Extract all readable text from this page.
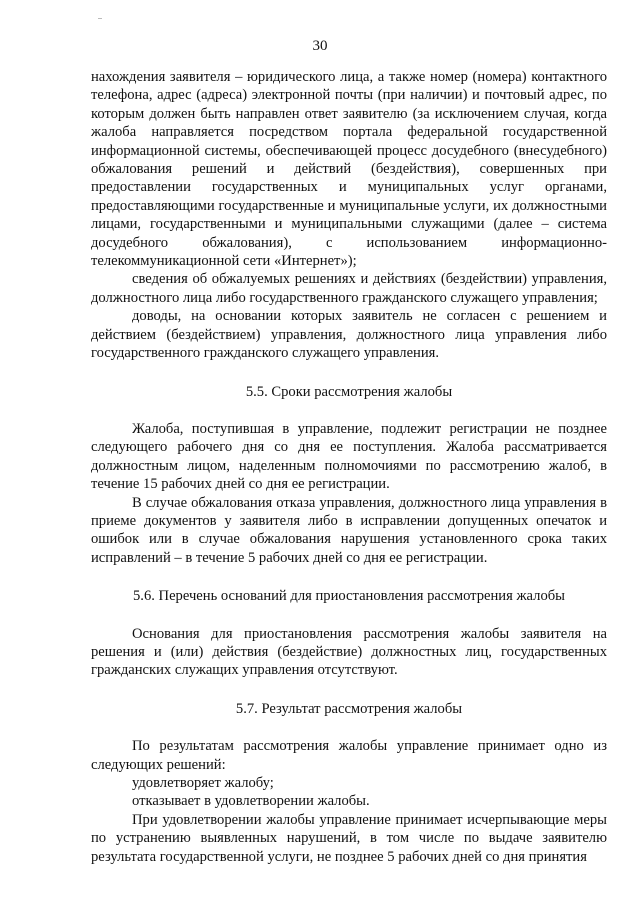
30

нахождения заявителя – юридического лица, а также номер (номера) контактного телефона, адрес (адреса) электронной почты (при наличии) и почтовый адрес, по которым должен быть направлен ответ заявителю (за исключением случая, когда жалоба направляется посредством портала федеральной государственной информационной системы, обеспечивающей процесс досудебного (внесудебного) обжалования решений и действий (бездействия), совершенных при предоставлении государственных и муниципальных услуг органами, предоставляющими государственные и муниципальные услуги, их должностными лицами, государственными и муниципальными служащими (далее – система досудебного обжалования), с использованием информационно-телекоммуникационной сети «Интернет»);

сведения об обжалуемых решениях и действиях (бездействии) управления, должностного лица либо государственного гражданского служащего управления;

доводы, на основании которых заявитель не согласен с решением и действием (бездействием) управления, должностного лица управления либо государственного гражданского служащего управления.

5.5. Сроки рассмотрения жалобы

Жалоба, поступившая в управление, подлежит регистрации не позднее следующего рабочего дня со дня ее поступления. Жалоба рассматривается должностным лицом, наделенным полномочиями по рассмотрению жалоб, в течение 15 рабочих дней со дня ее регистрации.

В случае обжалования отказа управления, должностного лица управления в приеме документов у заявителя либо в исправлении допущенных опечаток и ошибок или в случае обжалования нарушения установленного срока таких исправлений – в течение 5 рабочих дней со дня ее регистрации.

5.6. Перечень оснований для приостановления рассмотрения жалобы

Основания для приостановления рассмотрения жалобы заявителя на решения и (или) действия (бездействие) должностных лиц, государственных гражданских служащих управления отсутствуют.

5.7. Результат рассмотрения жалобы

По результатам рассмотрения жалобы управление принимает одно из следующих решений:

удовлетворяет жалобу;

отказывает в удовлетворении жалобы.

При удовлетворении жалобы управление принимает исчерпывающие меры по устранению выявленных нарушений, в том числе по выдаче заявителю результата государственной услуги, не позднее 5 рабочих дней со дня принятия
